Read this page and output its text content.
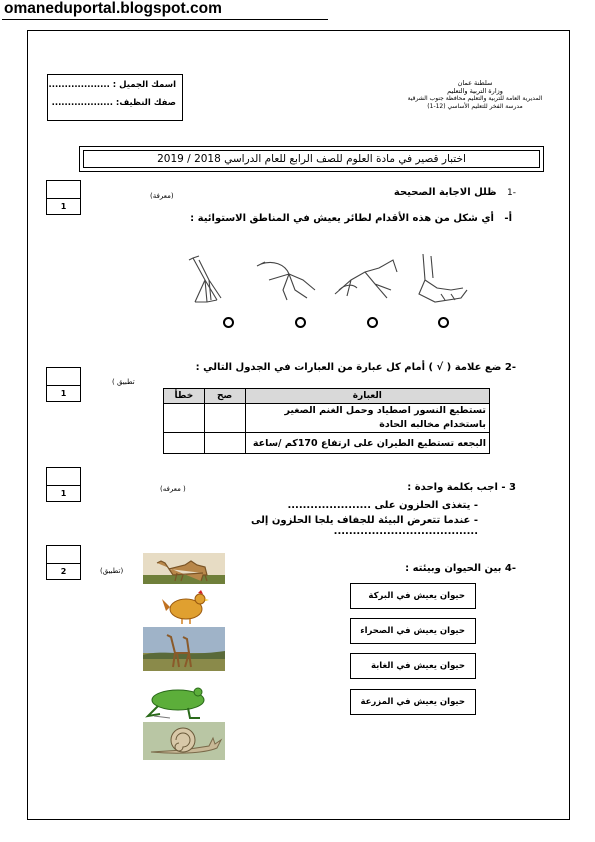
omaneduportal.blogspot.com
اسمك الجميل : ...................
صفك النظيف: ...................
سلطنة عمان
وزارة التربية والتعليم
المديرية العامة للتربية والتعليم محافظة جنوب الشرقية
مدرسة الفخر للتعليم الأساسي (12-1)
اختبار قصير في مادة العلوم للصف الرابع للعام الدراسي 2018 / 2019
1
-1   ظلل الاجابة الصحيحة
(معرفة)
أ-   أي شكل من هذه الأقدام لطائر يعيش في المناطق الاستوائية :
1
( تطبيق
-2 ضع علامة ( √ ) أمام كل عبارة من العبارات في الجدول التالي :
العبارة	صح	خطأ
تستطيع النسور اصطياد وحمل الغنم الصغير باستخدام مخالبه الحادة		
البجعه تستطيع الطيران على ارتفاع 170كم /ساعة		
1	(معرفه )	3 - اجب بكلمة واحدة :
- يتغذى الحلزون على ......................
- عندما تتعرض البيئة للجفاف يلجا الحلزون إلى ......................................
2	(تطبيق)	-4 بين الحيوان وبيئته :
حيوان يعيش في البركة
حيوان يعيش في الصحراء
حيوان يعيش في الغابة
حيوان يعيش في المزرعة
